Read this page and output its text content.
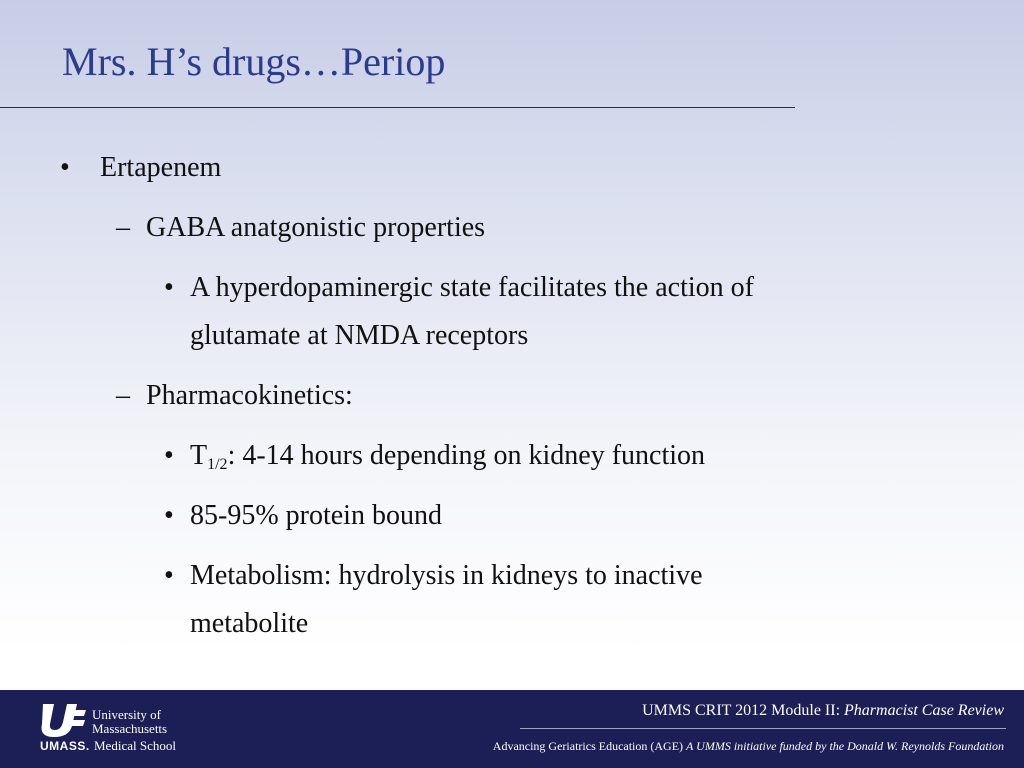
Mrs. H’s drugs…Periop
• Ertapenem
– GABA anatgonistic properties
• A hyperdopaminergic state facilitates the action of
glutamate at NMDA receptors
– Pharmacokinetics:
• $T_{1/2}$: 4-14 hours depending on kidney function
• 85-95% protein bound
• Metabolism: hydrolysis in kidneys to inactive
metabolite
University of
Massachusetts
UMASS. Medical School
UMMS CRIT 2012 Module II: Pharmacist Case Review
Advancing Geriatrics Education (AGE) A UMMS initiative funded by the Donald W. Reynolds Foundation
